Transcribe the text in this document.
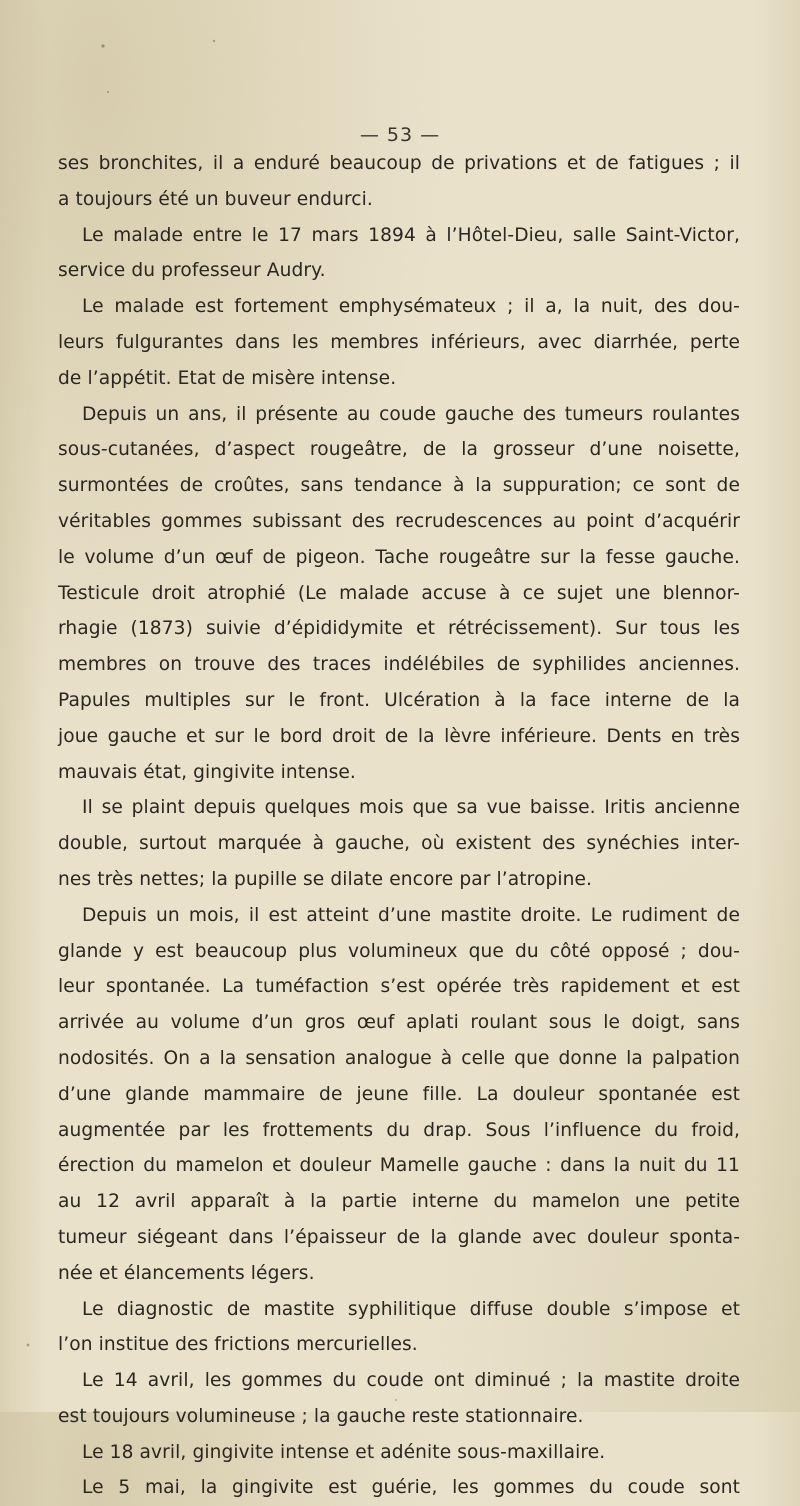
— 53 —
ses bronchites, il a enduré beaucoup de privations et de fatigues ; il
a toujours été un buveur endurci.
Le malade entre le 17 mars 1894 à l’Hôtel-Dieu, salle Saint-Victor,
service du professeur Audry.
Le malade est fortement emphysémateux ; il a, la nuit, des dou-
leurs fulgurantes dans les membres inférieurs, avec diarrhée, perte
de l’appétit. Etat de misère intense.
Depuis un ans, il présente au coude gauche des tumeurs roulantes
sous-cutanées, d’aspect rougeâtre, de la grosseur d’une noisette,
surmontées de croûtes, sans tendance à la suppuration; ce sont de
véritables gommes subissant des recrudescences au point d’acquérir
le volume d’un œuf de pigeon. Tache rougeâtre sur la fesse gauche.
Testicule droit atrophié (Le malade accuse à ce sujet une blennor-
rhagie (1873) suivie d’épididymite et rétrécissement). Sur tous les
membres on trouve des traces indélébiles de syphilides anciennes.
Papules multiples sur le front. Ulcération à la face interne de la
joue gauche et sur le bord droit de la lèvre inférieure. Dents en très
mauvais état, gingivite intense.
Il se plaint depuis quelques mois que sa vue baisse. Iritis ancienne
double, surtout marquée à gauche, où existent des synéchies inter-
nes très nettes; la pupille se dilate encore par l’atropine.
Depuis un mois, il est atteint d’une mastite droite. Le rudiment de
glande y est beaucoup plus volumineux que du côté opposé ; dou-
leur spontanée. La tuméfaction s’est opérée très rapidement et est
arrivée au volume d’un gros œuf aplati roulant sous le doigt, sans
nodosités. On a la sensation analogue à celle que donne la palpation
d’une glande mammaire de jeune fille. La douleur spontanée est
augmentée par les frottements du drap. Sous l’influence du froid,
érection du mamelon et douleur Mamelle gauche : dans la nuit du 11
au 12 avril apparaît à la partie interne du mamelon une petite
tumeur siégeant dans l’épaisseur de la glande avec douleur sponta-
née et élancements légers.
Le diagnostic de mastite syphilitique diffuse double s’impose et
l’on institue des frictions mercurielles.
Le 14 avril, les gommes du coude ont diminué ; la mastite droite
est toujours volumineuse ; la gauche reste stationnaire.
Le 18 avril, gingivite intense et adénite sous-maxillaire.
Le 5 mai, la gingivite est guérie, les gommes du coude sont
